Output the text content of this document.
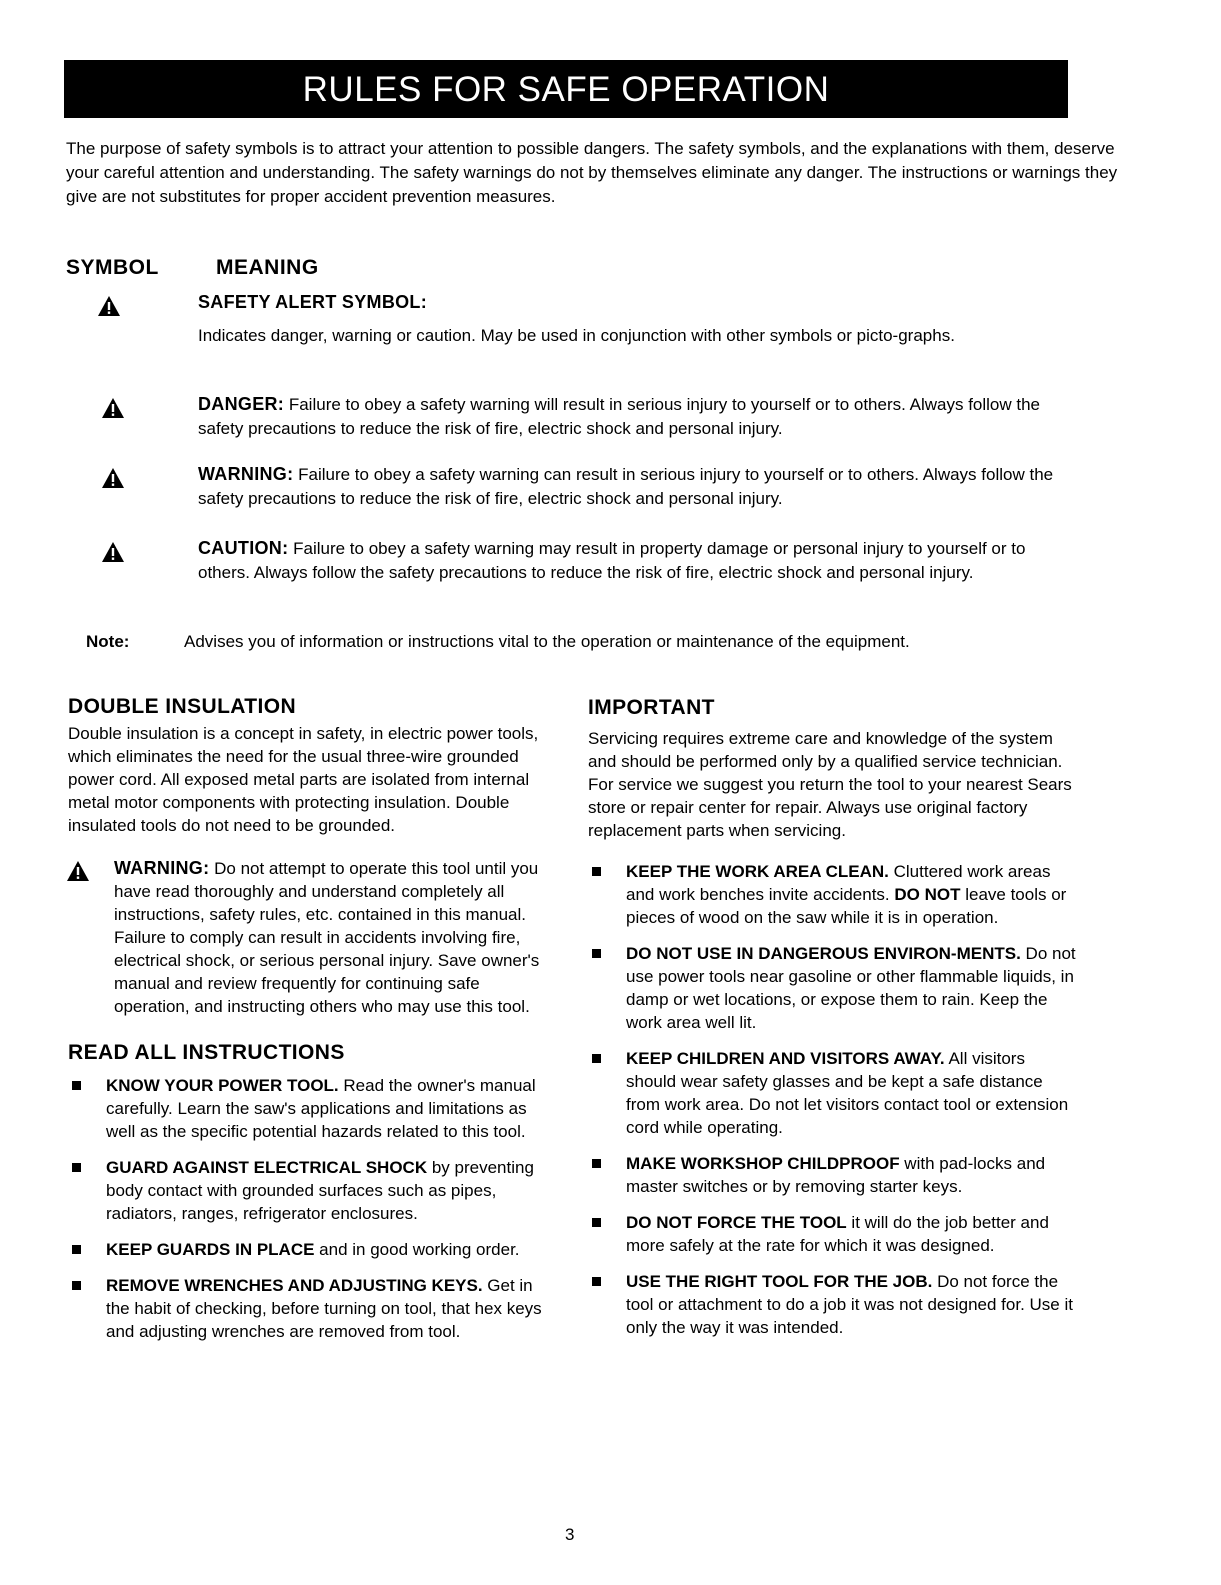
RULES FOR SAFE OPERATION

The purpose of safety symbols is to attract your attention to possible dangers. The safety symbols, and the explanations with them, deserve your careful attention and understanding. The safety warnings do not by themselves eliminate any danger. The instructions or warnings they give are not substitutes for proper accident prevention measures.

SYMBOL	MEANING
SAFETY ALERT SYMBOL:
Indicates danger, warning or caution. May be used in conjunction with other symbols or picto-graphs.
DANGER: Failure to obey a safety warning will result in serious injury to yourself or to others. Always follow the safety precautions to reduce the risk of fire, electric shock and personal injury.
WARNING: Failure to obey a safety warning can result in serious injury to yourself or to others. Always follow the safety precautions to reduce the risk of fire, electric shock and personal injury.
CAUTION: Failure to obey a safety warning may result in property damage or personal injury to yourself or to others. Always follow the safety precautions to reduce the risk of fire, electric shock and personal injury.
Note:	Advises you of information or instructions vital to the operation or maintenance of the equipment.
DOUBLE INSULATION

Double insulation is a concept in safety, in electric power tools, which eliminates the need for the usual three-wire grounded power cord. All exposed metal parts are isolated from internal metal motor components with protecting insulation. Double insulated tools do not need to be grounded.

WARNING: Do not attempt to operate this tool until you have read thoroughly and understand completely all instructions, safety rules, etc. contained in this manual. Failure to comply can result in accidents involving fire, electrical shock, or serious personal injury. Save owner's manual and review frequently for continuing safe operation, and instructing others who may use this tool.
READ ALL INSTRUCTIONS
KNOW YOUR POWER TOOL. Read the owner's manual carefully. Learn the saw's applications and limitations as well as the specific potential hazards related to this tool.
GUARD AGAINST ELECTRICAL SHOCK by preventing body contact with grounded surfaces such as pipes, radiators, ranges, refrigerator enclosures.
KEEP GUARDS IN PLACE and in good working order.
REMOVE WRENCHES AND ADJUSTING KEYS. Get in the habit of checking, before turning on tool, that hex keys and adjusting wrenches are removed from tool.
IMPORTANT

Servicing requires extreme care and knowledge of the system and should be performed only by a qualified service technician. For service we suggest you return the tool to your nearest Sears store or repair center for repair. Always use original factory replacement parts when servicing.

KEEP THE WORK AREA CLEAN. Cluttered work areas and work benches invite accidents. DO NOT leave tools or pieces of wood on the saw while it is in operation.
DO NOT USE IN DANGEROUS ENVIRON-MENTS. Do not use power tools near gasoline or other flammable liquids, in damp or wet locations, or expose them to rain. Keep the work area well lit.
KEEP CHILDREN AND VISITORS AWAY. All visitors should wear safety glasses and be kept a safe distance from work area. Do not let visitors contact tool or extension cord while operating.
MAKE WORKSHOP CHILDPROOF with pad-locks and master switches or by removing starter keys.
DO NOT FORCE THE TOOL it will do the job better and more safely at the rate for which it was designed.
USE THE RIGHT TOOL FOR THE JOB. Do not force the tool or attachment to do a job it was not designed for. Use it only the way it was intended.
3
